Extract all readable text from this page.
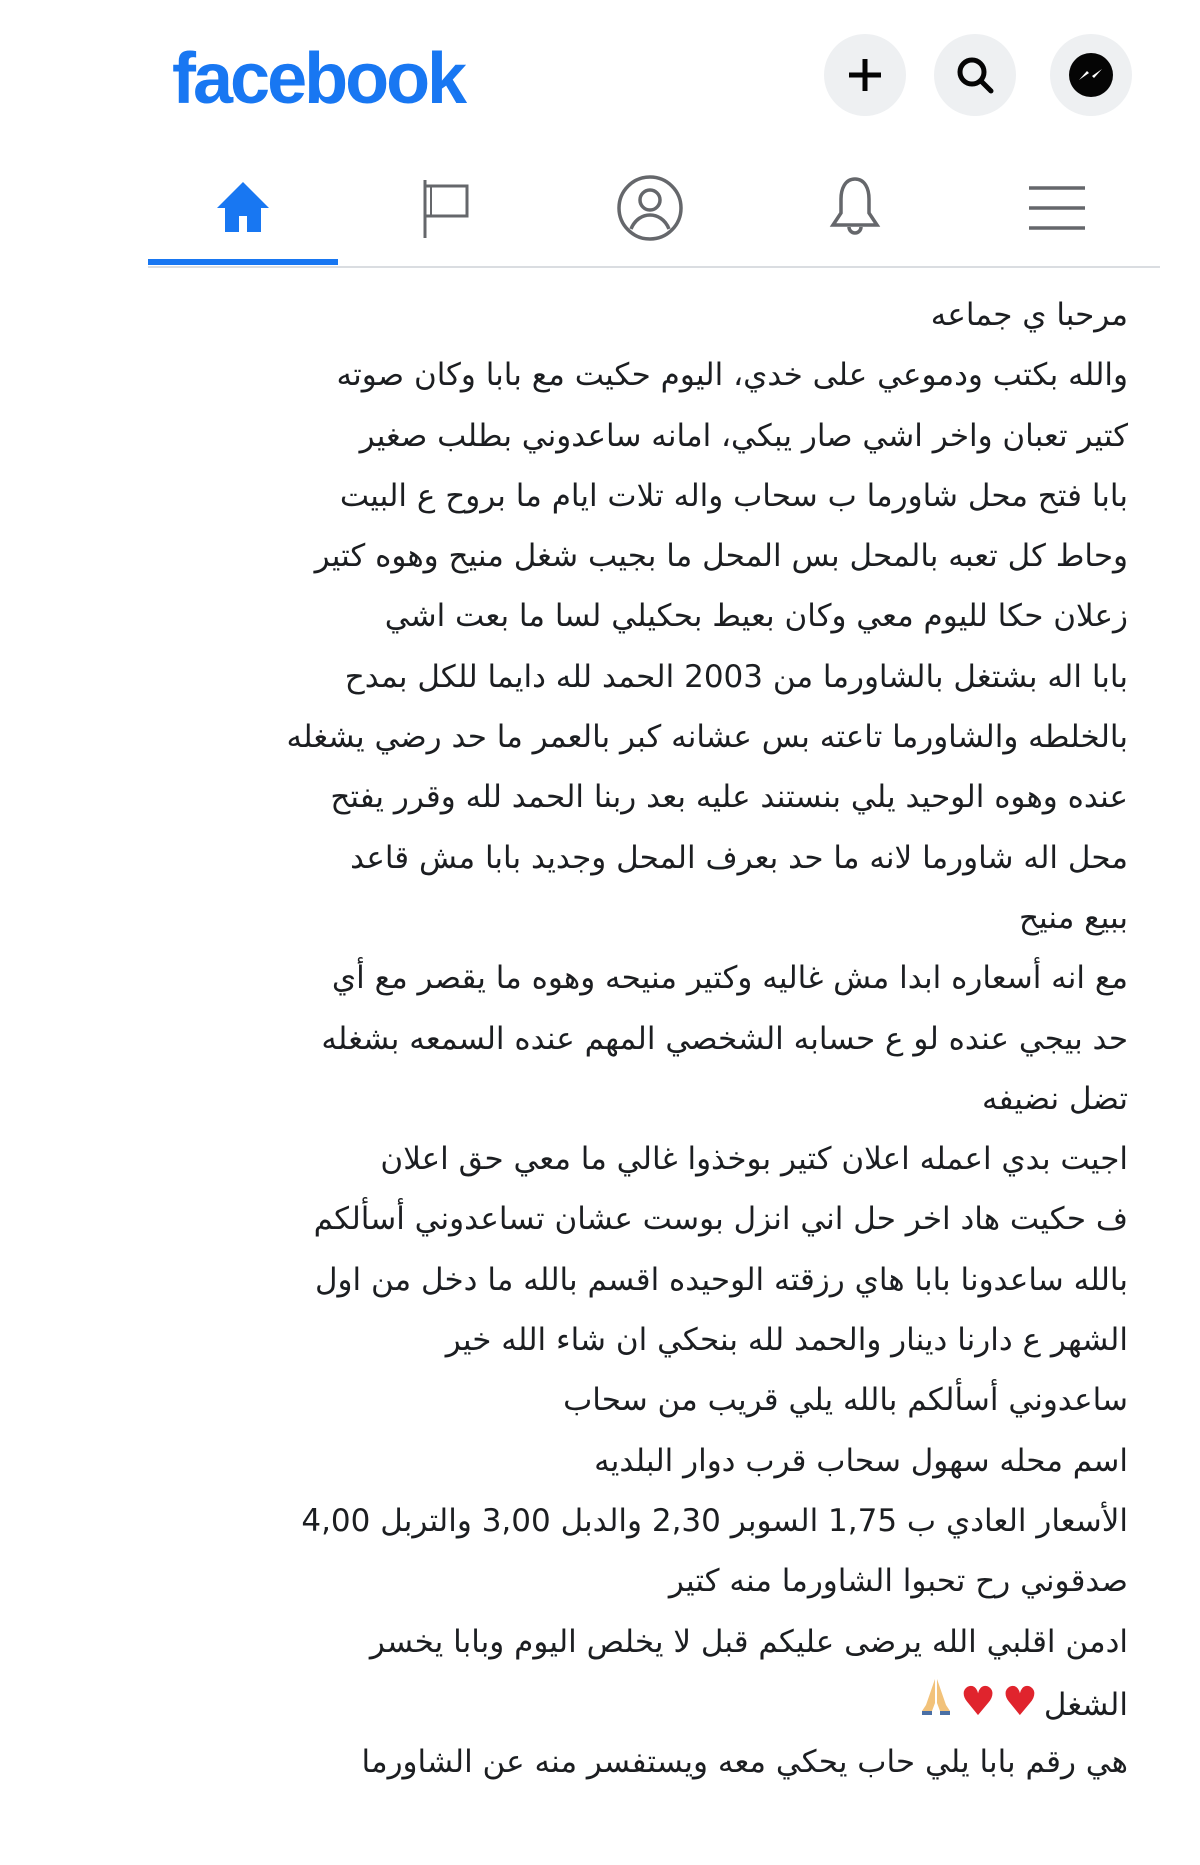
facebook
مرحبا ي جماعه
والله بكتب ودموعي على خدي، اليوم حكيت مع بابا وكان صوته
كتير تعبان واخر اشي صار يبكي، امانه ساعدوني بطلب صغير
بابا فتح محل شاورما ب سحاب واله تلات ايام ما بروح ع البيت
وحاط كل تعبه بالمحل بس المحل ما بجيب شغل منيح وهوه كتير
زعلان حكا لليوم معي وكان بعيط بحكيلي لسا ما بعت اشي
بابا اله بشتغل بالشاورما من 2003 الحمد لله دايما للكل بمدح
بالخلطه والشاورما تاعته بس عشانه كبر بالعمر ما حد رضي يشغله
عنده وهوه الوحيد يلي بنستند عليه بعد ربنا الحمد لله وقرر يفتح
محل اله شاورما لانه ما حد بعرف المحل وجديد بابا مش قاعد
ببيع منيح
مع انه أسعاره ابدا مش غاليه وكتير منيحه وهوه ما يقصر مع أي
حد بيجي عنده لو ع حسابه الشخصي المهم عنده السمعه بشغله
تضل نضيفه
اجيت بدي اعمله اعلان كتير بوخذوا غالي ما معي حق اعلان
ف حكيت هاد اخر حل اني انزل بوست عشان تساعدوني أسألكم
بالله ساعدونا بابا هاي رزقته الوحيده اقسم بالله ما دخل من اول
الشهر ع دارنا دينار والحمد لله بنحكي ان شاء الله خير
ساعدوني أسألكم بالله يلي قريب من سحاب
اسم محله سهول سحاب قرب دوار البلديه
الأسعار العادي ب 1,75 السوبر 2,30 والدبل 3,00 والتربل 4,00
صدقوني رح تحبوا الشاورما منه كتير
ادمن اقلبي الله يرضى عليكم قبل لا يخلص اليوم وبابا يخسر
الشغل♥♥
هي رقم بابا يلي حاب يحكي معه ويستفسر منه عن الشاورما
